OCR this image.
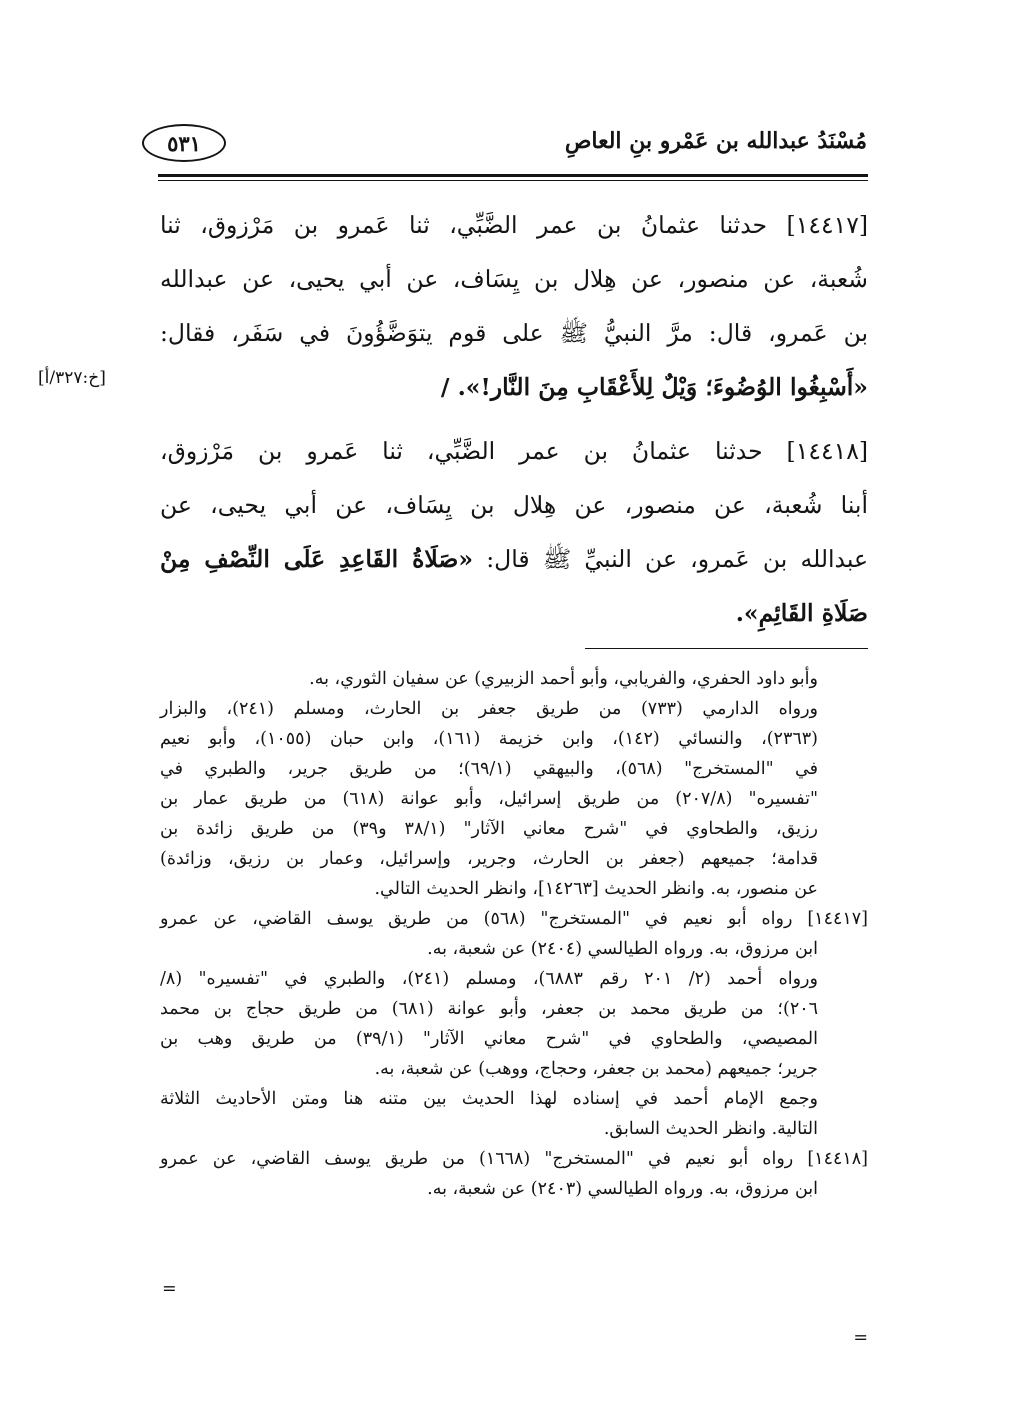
مُسْنَدُ عبدالله بن عَمْرو بنِ العاصِ
٥٣١
[١٤٤١٧] حدثنا عثمانُ بن عمر الضَّبِّي، ثنا عَمرو بن مَرْزوق، ثنا
شُعبة، عن منصور، عن هِلال بن يِسَاف، عن أبي يحيى، عن عبدالله
بن عَمرو، قال: مرَّ النبيُّ ﷺ على قوم يتوَضَّؤُونَ في سَفَر، فقال:
«أَسْبِغُوا الوُضُوءَ؛ وَيْلٌ لِلأَعْقَابِ مِنَ النَّار!». /
[١٤٤١٨] حدثنا عثمانُ بن عمر الضَّبِّي، ثنا عَمرو بن مَرْزوق،
أبنا شُعبة، عن منصور، عن هِلال بن يِسَاف، عن أبي يحيى، عن
عبدالله بن عَمرو، عن النبيِّ ﷺ قال: «صَلَاةُ القَاعِدِ عَلَى النِّصْفِ مِنْ
صَلَاةِ القَائِمِ».
[خ:٣٢٧/أ]
=
وأبو داود الحفري، والفريابي، وأبو أحمد الزبيري) عن سفيان الثوري، به.
ورواه الدارمي (٧٣٣) من طريق جعفر بن الحارث، ومسلم (٢٤١)، والبزار
(٢٣٦٣)، والنسائي (١٤٢)، وابن خزيمة (١٦١)، وابن حبان (١٠٥٥)، وأبو نعيم
في "المستخرج" (٥٦٨)، والبيهقي (٦٩/١)؛ من طريق جرير، والطبري في
"تفسيره" (٢٠٧/٨) من طريق إسرائيل، وأبو عوانة (٦١٨) من طريق عمار بن
رزيق، والطحاوي في "شرح معاني الآثار" (٣٨/١ و٣٩) من طريق زائدة بن
قدامة؛ جميعهم (جعفر بن الحارث، وجرير، وإسرائيل، وعمار بن رزيق، وزائدة)
عن منصور، به. وانظر الحديث [١٤٢٦٣]، وانظر الحديث التالي.
[١٤٤١٧] رواه أبو نعيم في "المستخرج" (٥٦٨) من طريق يوسف القاضي، عن عمرو
ابن مرزوق، به. ورواه الطيالسي (٢٤٠٤) عن شعبة، به.
ورواه أحمد (٢/ ٢٠١ رقم ٦٨٨٣)، ومسلم (٢٤١)، والطبري في "تفسيره" (٨/
٢٠٦)؛ من طريق محمد بن جعفر، وأبو عوانة (٦٨١) من طريق حجاج بن محمد
المصيصي، والطحاوي في "شرح معاني الآثار" (٣٩/١) من طريق وهب بن
جرير؛ جميعهم (محمد بن جعفر، وحجاج، ووهب) عن شعبة، به.
وجمع الإمام أحمد في إسناده لهذا الحديث بين متنه هنا ومتن الأحاديث الثلاثة
التالية. وانظر الحديث السابق.
[١٤٤١٨] رواه أبو نعيم في "المستخرج" (١٦٦٨) من طريق يوسف القاضي، عن عمرو
ابن مرزوق، به. ورواه الطيالسي (٢٤٠٣) عن شعبة، به.
=
